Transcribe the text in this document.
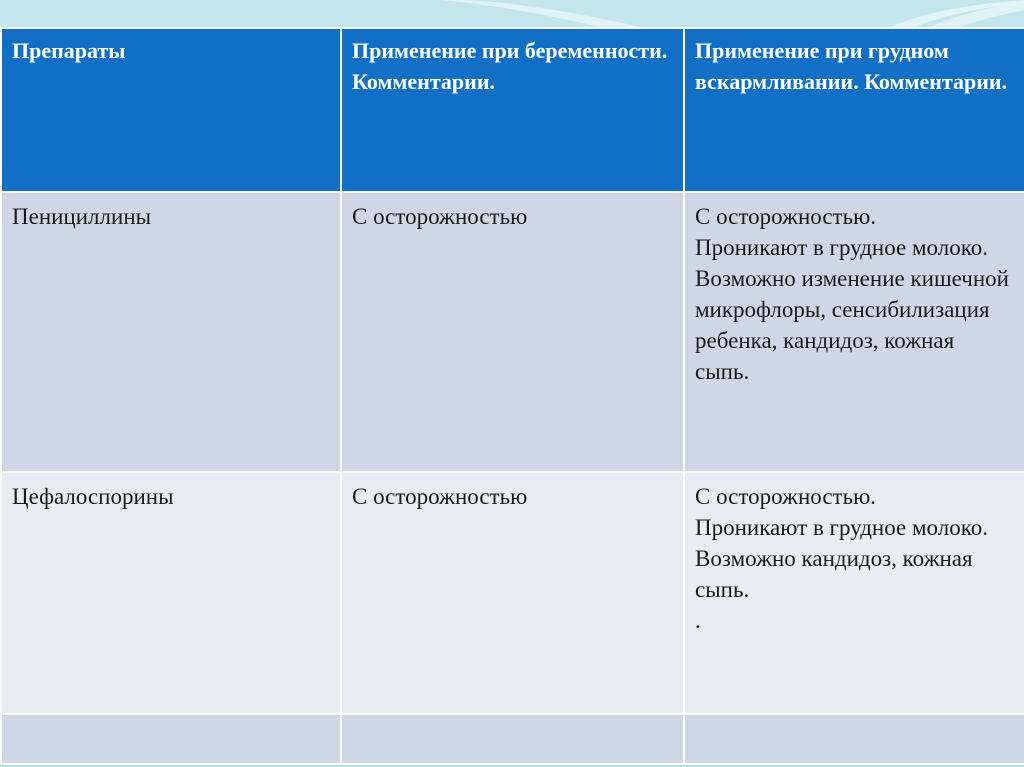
Препараты	Применение при беременности. Комментарии.	Применение при грудном вскармливании. Комментарии.
Пенициллины	С осторожностью	С осторожностью.
Проникают в грудное молоко.
Возможно изменение кишечной микрофлоры, сенсибилизация ребенка, кандидоз, кожная сыпь.
Цефалоспорины	С осторожностью	С осторожностью.
Проникают в грудное молоко.
Возможно кандидоз, кожная сыпь.
.
